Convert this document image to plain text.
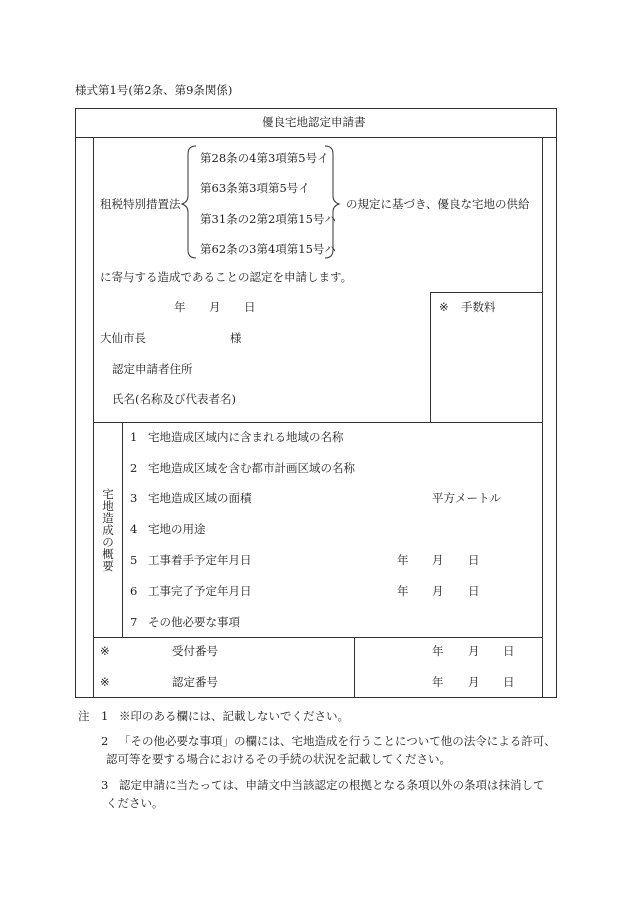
様式第1号(第2条、第9条関係)
優良宅地認定申請書
租税特別措置法
第28条の4第3項第5号イ
第63条第3項第5号イ
第31条の2第2項第15号ハ
第62条の3第4項第15号ハ
の規定に基づき、優良な宅地の供給
に寄与する造成であることの認定を申請します。
年 月 日	※ 手数料
大仙市長	様
認定申請者住所
氏名(名称及び代表者名)
宅
地
造
成
の
概
要
1 宅地造成区域内に含まれる地域の名称
2 宅地造成区域を含む都市計画区域の名称
3 宅地造成区域の面積	平方メートル
4 宅地の用途
5 工事着手予定年月日	年 月 日
6 工事完了予定年月日	年 月 日
7 その他必要な事項
※	受付番号	年 月 日
※	認定番号	年 月 日
注 1 ※印のある欄には、記載しないでください。
2 「その他必要な事項」の欄には、宅地造成を行うことについて他の法令による許可、
認可等を要する場合におけるその手続の状況を記載してください。
3 認定申請に当たっては、申請文中当該認定の根拠となる条項以外の条項は抹消して
ください。
